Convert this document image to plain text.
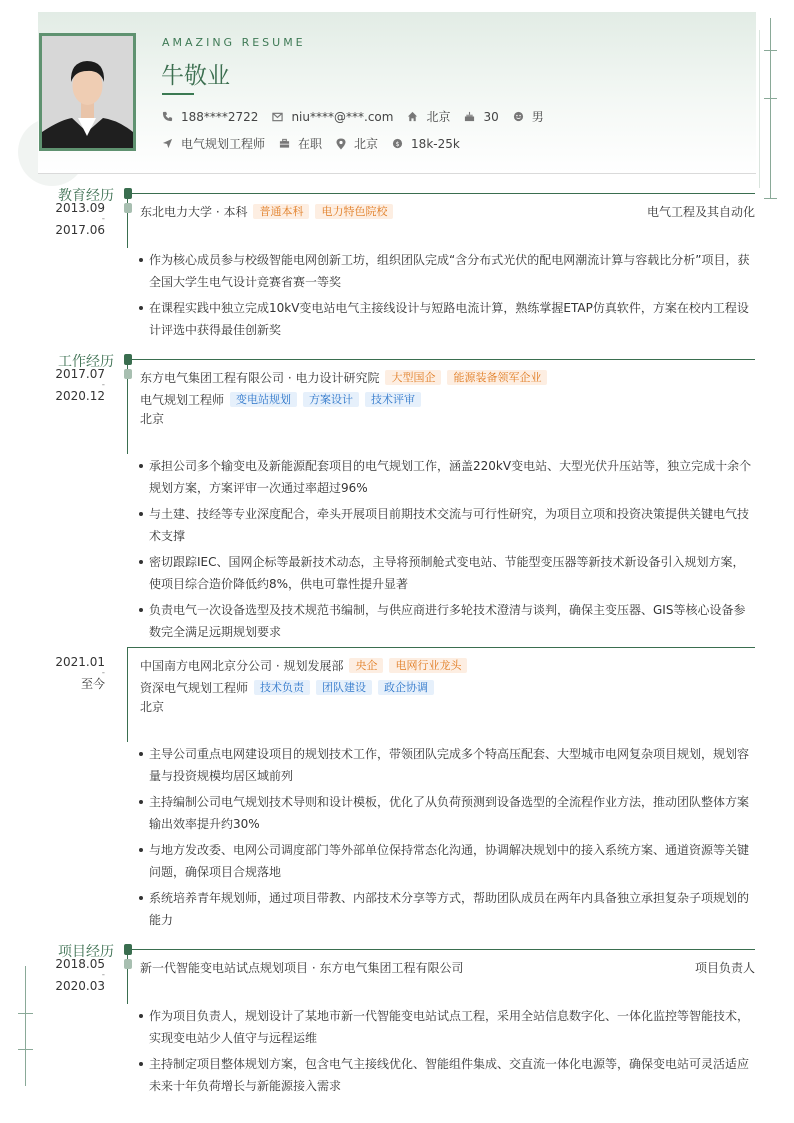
AMAZING RESUME
牛敬业
188****2722	niu****@***.com	北京	30	男
电气规划工程师	在职	北京 $ 18k-25k
教育经历
2013.09
-
2017.06
东北电力大学 · 本科	普通本科	电力特色院校	电气工程及其自动化
作为核心成员参与校级智能电网创新工坊，组织团队完成“含分布式光伏的配电网潮流计算与容载比分析”项目，获全国大学生电气设计竞赛省赛一等奖
在课程实践中独立完成10kV变电站电气主接线设计与短路电流计算，熟练掌握ETAP仿真软件，方案在校内工程设计评选中获得最佳创新奖
工作经历
2017.07
-
2020.12
东方电气集团工程有限公司 · 电力设计研究院	大型国企	能源装备领军企业
电气规划工程师	变电站规划	方案设计	技术评审
北京
承担公司多个输变电及新能源配套项目的电气规划工作，涵盖220kV变电站、大型光伏升压站等，独立完成十余个规划方案，方案评审一次通过率超过96%
与土建、技经等专业深度配合，牵头开展项目前期技术交流与可行性研究，为项目立项和投资决策提供关键电气技术支撑
密切跟踪IEC、国网企标等最新技术动态，主导将预制舱式变电站、节能型变压器等新技术新设备引入规划方案，使项目综合造价降低约8%，供电可靠性提升显著
负责电气一次设备选型及技术规范书编制，与供应商进行多轮技术澄清与谈判，确保主变压器、GIS等核心设备参数完全满足远期规划要求
2021.01
-
至今
中国南方电网北京分公司 · 规划发展部	央企	电网行业龙头
资深电气规划工程师	技术负责	团队建设	政企协调
北京
主导公司重点电网建设项目的规划技术工作，带领团队完成多个特高压配套、大型城市电网复杂项目规划，规划容量与投资规模均居区域前列
主持编制公司电气规划技术导则和设计模板，优化了从负荷预测到设备选型的全流程作业方法，推动团队整体方案输出效率提升约30%
与地方发改委、电网公司调度部门等外部单位保持常态化沟通，协调解决规划中的接入系统方案、通道资源等关键问题，确保项目合规落地
系统培养青年规划师，通过项目带教、内部技术分享等方式，帮助团队成员在两年内具备独立承担复杂子项规划的能力
项目经历
2018.05
-
2020.03
新一代智能变电站试点规划项目 · 东方电气集团工程有限公司	项目负责人
作为项目负责人，规划设计了某地市新一代智能变电站试点工程，采用全站信息数字化、一体化监控等智能技术，实现变电站少人值守与远程运维
主持制定项目整体规划方案，包含电气主接线优化、智能组件集成、交直流一体化电源等，确保变电站可灵活适应未来十年负荷增长与新能源接入需求
